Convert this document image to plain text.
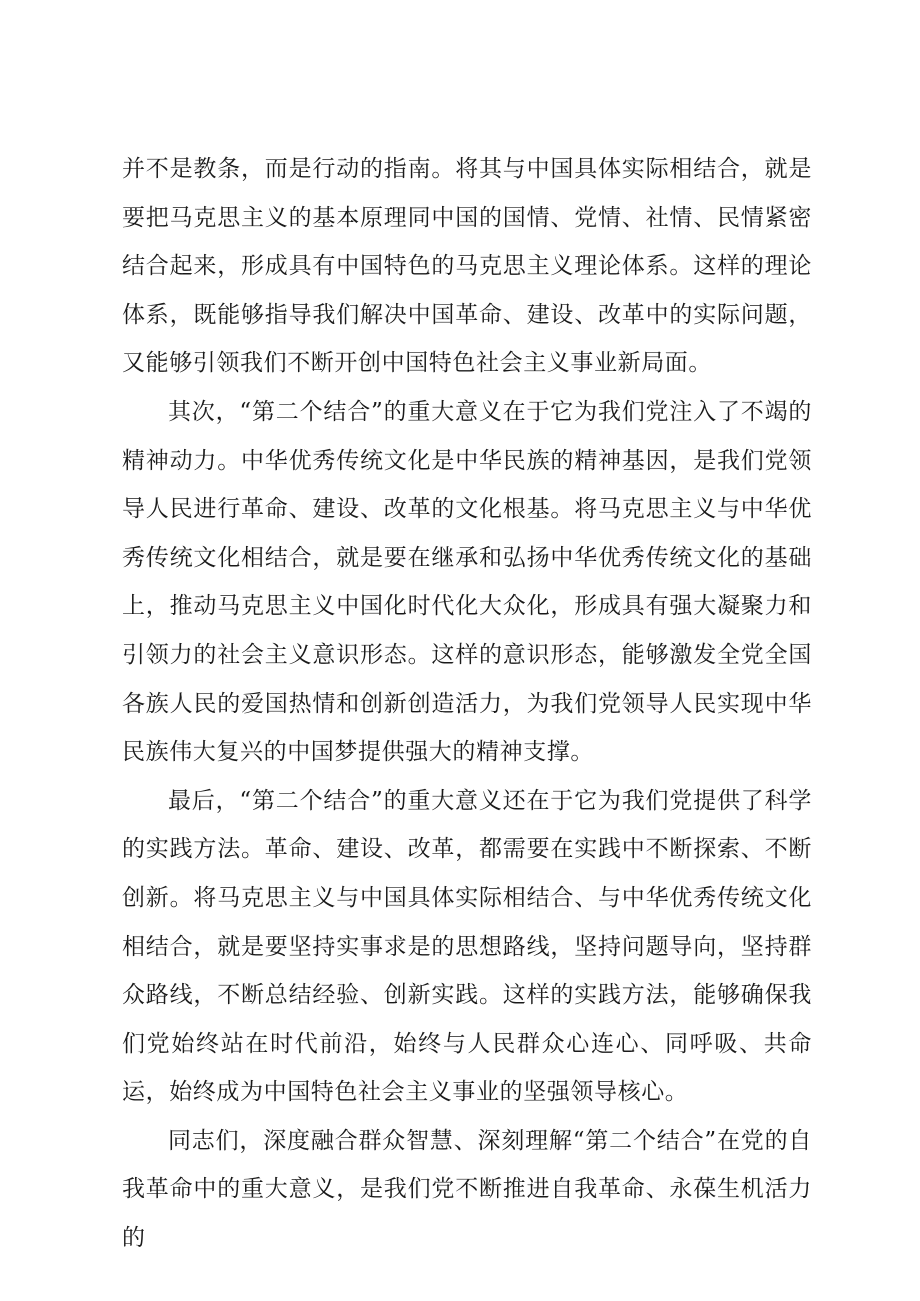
并不是教条，而是行动的指南。将其与中国具体实际相结合，就是要把马克思主义的基本原理同中国的国情、党情、社情、民情紧密结合起来，形成具有中国特色的马克思主义理论体系。这样的理论体系，既能够指导我们解决中国革命、建设、改革中的实际问题，又能够引领我们不断开创中国特色社会主义事业新局面。

其次，“第二个结合”的重大意义在于它为我们党注入了不竭的精神动力。中华优秀传统文化是中华民族的精神基因，是我们党领导人民进行革命、建设、改革的文化根基。将马克思主义与中华优秀传统文化相结合，就是要在继承和弘扬中华优秀传统文化的基础上，推动马克思主义中国化时代化大众化，形成具有强大凝聚力和引领力的社会主义意识形态。这样的意识形态，能够激发全党全国各族人民的爱国热情和创新创造活力，为我们党领导人民实现中华民族伟大复兴的中国梦提供强大的精神支撑。

最后，“第二个结合”的重大意义还在于它为我们党提供了科学的实践方法。革命、建设、改革，都需要在实践中不断探索、不断创新。将马克思主义与中国具体实际相结合、与中华优秀传统文化相结合，就是要坚持实事求是的思想路线，坚持问题导向，坚持群众路线，不断总结经验、创新实践。这样的实践方法，能够确保我们党始终站在时代前沿，始终与人民群众心连心、同呼吸、共命运，始终成为中国特色社会主义事业的坚强领导核心。

同志们，深度融合群众智慧、深刻理解“第二个结合”在党的自我革命中的重大意义，是我们党不断推进自我革命、永葆生机活力的
